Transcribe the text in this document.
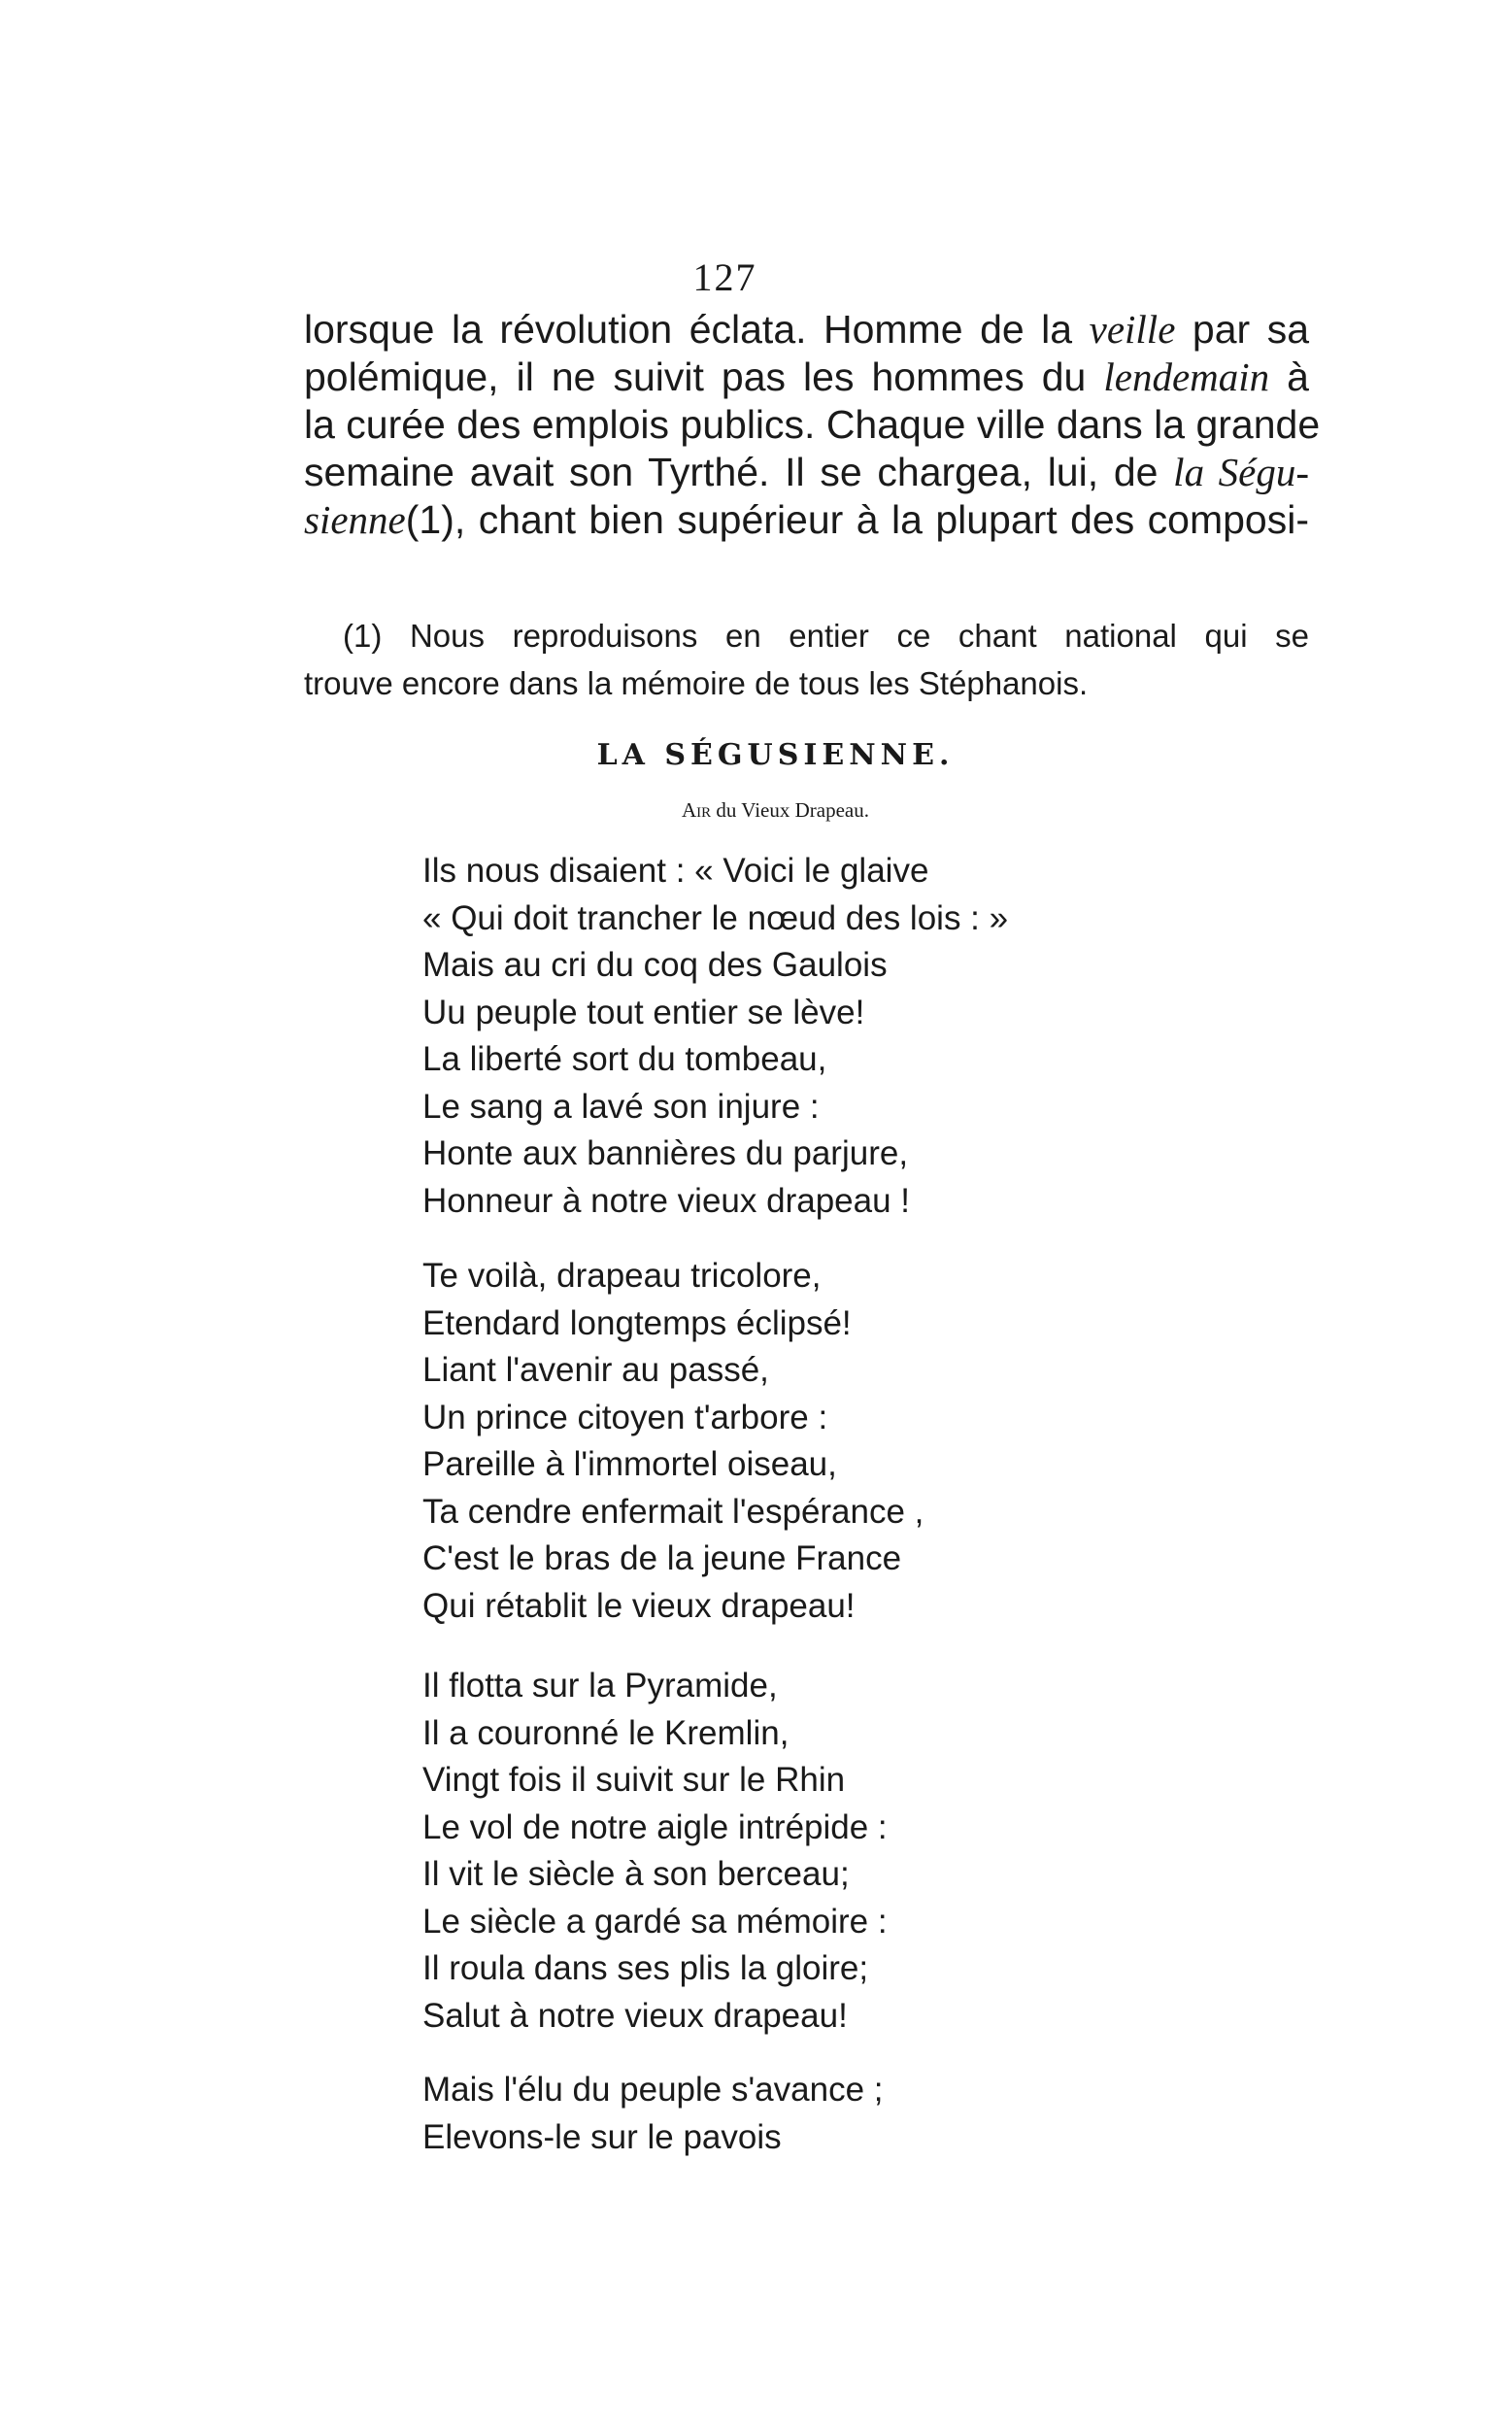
127
lorsque la révolution éclata. Homme de la veille par sa
polémique, il ne suivit pas les hommes du lendemain à
la curée des emplois publics. Chaque ville dans la grande
semaine avait son Tyrthé. Il se chargea, lui, de la Ségu-
sienne(1), chant bien supérieur à la plupart des composi-
(1) Nous reproduisons en entier ce chant national qui se
trouve encore dans la mémoire de tous les Stéphanois.
LA SÉGUSIENNE.
Air du Vieux Drapeau.
Ils nous disaient : « Voici le glaive
« Qui doit trancher le nœud des lois : »
Mais au cri du coq des Gaulois
Uu peuple tout entier se lève!
La liberté sort du tombeau,
Le sang a lavé son injure :
Honte aux bannières du parjure,
Honneur à notre vieux drapeau !
Te voilà, drapeau tricolore,
Etendard longtemps éclipsé!
Liant l'avenir au passé,
Un prince citoyen t'arbore :
Pareille à l'immortel oiseau,
Ta cendre enfermait l'espérance ,
C'est le bras de la jeune France
Qui rétablit le vieux drapeau!
Il flotta sur la Pyramide,
Il a couronné le Kremlin,
Vingt fois il suivit sur le Rhin
Le vol de notre aigle intrépide :
Il vit le siècle à son berceau;
Le siècle a gardé sa mémoire :
Il roula dans ses plis la gloire;
Salut à notre vieux drapeau!
Mais l'élu du peuple s'avance ;
Elevons-le sur le pavois
